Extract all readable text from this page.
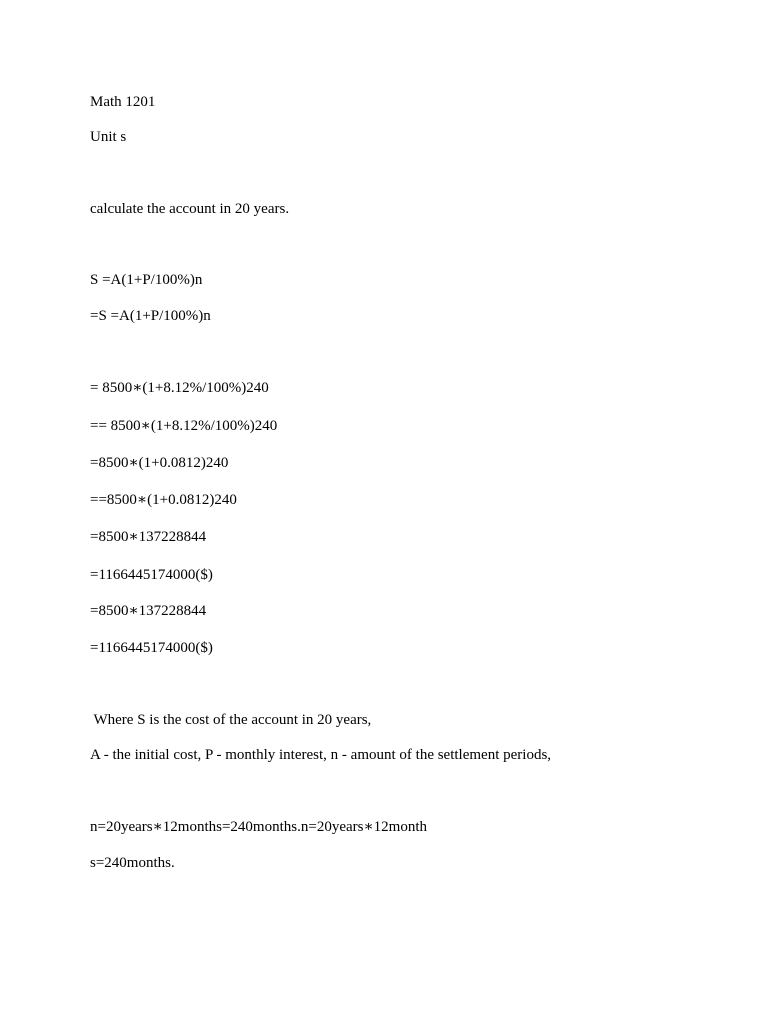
Math 1201
Unit s
calculate the account in 20 years.
S =A(1+P/100%)n
=S =A(1+P/100%)n
= 8500∗(1+8.12%/100%)240
== 8500∗(1+8.12%/100%)240
=8500∗(1+0.0812)240
==8500∗(1+0.0812)240
=8500∗137228844
=1166445174000($)
=8500∗137228844
=1166445174000($)
Where S is the cost of the account in 20 years,
A - the initial cost, P - monthly interest, n - amount of the settlement periods,
n=20years∗12months=240months.n=20years∗12month
s=240months.
